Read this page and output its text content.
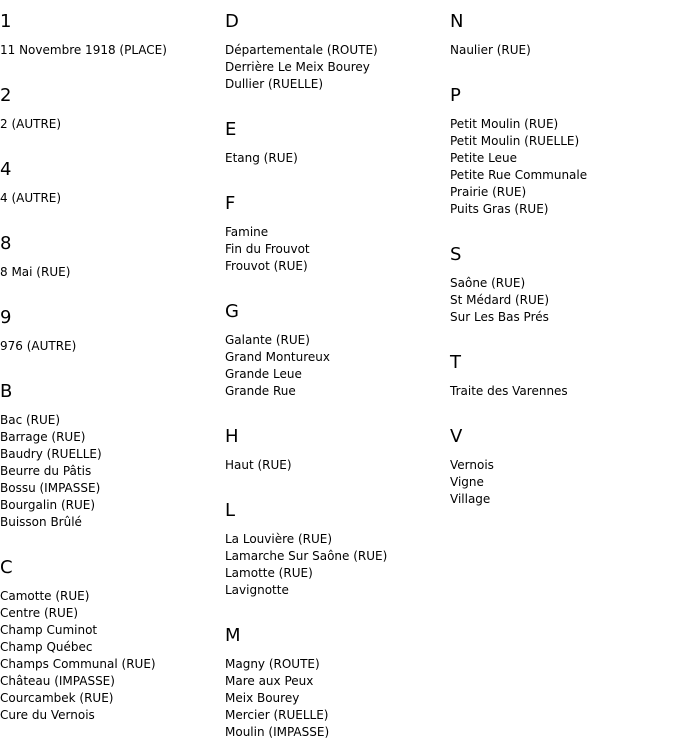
1
11 Novembre 1918 (PLACE)
2
2 (AUTRE)
4
4 (AUTRE)
8
8 Mai (RUE)
9
976 (AUTRE)
B
Bac (RUE)
Barrage (RUE)
Baudry (RUELLE)
Beurre du Pâtis
Bossu (IMPASSE)
Bourgalin (RUE)
Buisson Brûlé
C
Camotte (RUE)
Centre (RUE)
Champ Cuminot
Champ Québec
Champs Communal (RUE)
Château (IMPASSE)
Courcambek (RUE)
Cure du Vernois
D
Départementale (ROUTE)
Derrière Le Meix Bourey
Dullier (RUELLE)
E
Etang (RUE)
F
Famine
Fin du Frouvot
Frouvot (RUE)
G
Galante (RUE)
Grand Montureux
Grande Leue
Grande Rue
H
Haut (RUE)
L
La Louvière (RUE)
Lamarche Sur Saône (RUE)
Lamotte (RUE)
Lavignotte
M
Magny (ROUTE)
Mare aux Peux
Meix Bourey
Mercier (RUELLE)
Moulin (IMPASSE)
N
Naulier (RUE)
P
Petit Moulin (RUE)
Petit Moulin (RUELLE)
Petite Leue
Petite Rue Communale
Prairie (RUE)
Puits Gras (RUE)
S
Saône (RUE)
St Médard (RUE)
Sur Les Bas Prés
T
Traite des Varennes
V
Vernois
Vigne
Village
